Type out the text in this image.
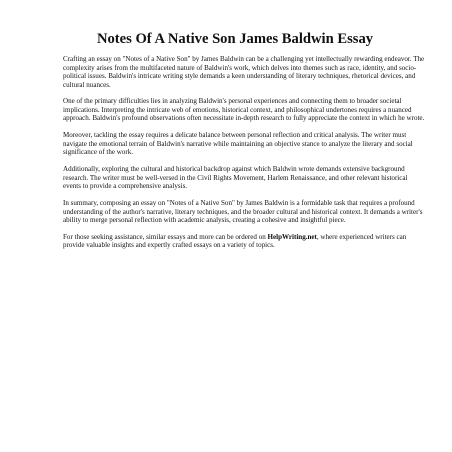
Notes Of A Native Son James Baldwin Essay

Crafting an essay on "Notes of a Native Son" by James Baldwin can be a challenging yet intellectually rewarding endeavor. The complexity arises from the multifaceted nature of Baldwin's work, which delves into themes such as race, identity, and socio-political issues. Baldwin's intricate writing style demands a keen understanding of literary techniques, rhetorical devices, and cultural nuances.

One of the primary difficulties lies in analyzing Baldwin's personal experiences and connecting them to broader societal implications. Interpreting the intricate web of emotions, historical context, and philosophical undertones requires a nuanced approach. Baldwin's profound observations often necessitate in-depth research to fully appreciate the context in which he wrote.

Moreover, tackling the essay requires a delicate balance between personal reflection and critical analysis. The writer must navigate the emotional terrain of Baldwin's narrative while maintaining an objective stance to analyze the literary and social significance of the work.

Additionally, exploring the cultural and historical backdrop against which Baldwin wrote demands extensive background research. The writer must be well-versed in the Civil Rights Movement, Harlem Renaissance, and other relevant historical events to provide a comprehensive analysis.

In summary, composing an essay on "Notes of a Native Son" by James Baldwin is a formidable task that requires a profound understanding of the author's narrative, literary techniques, and the broader cultural and historical context. It demands a writer's ability to merge personal reflection with academic analysis, creating a cohesive and insightful piece.

For those seeking assistance, similar essays and more can be ordered on HelpWriting.net, where experienced writers can provide valuable insights and expertly crafted essays on a variety of topics.
